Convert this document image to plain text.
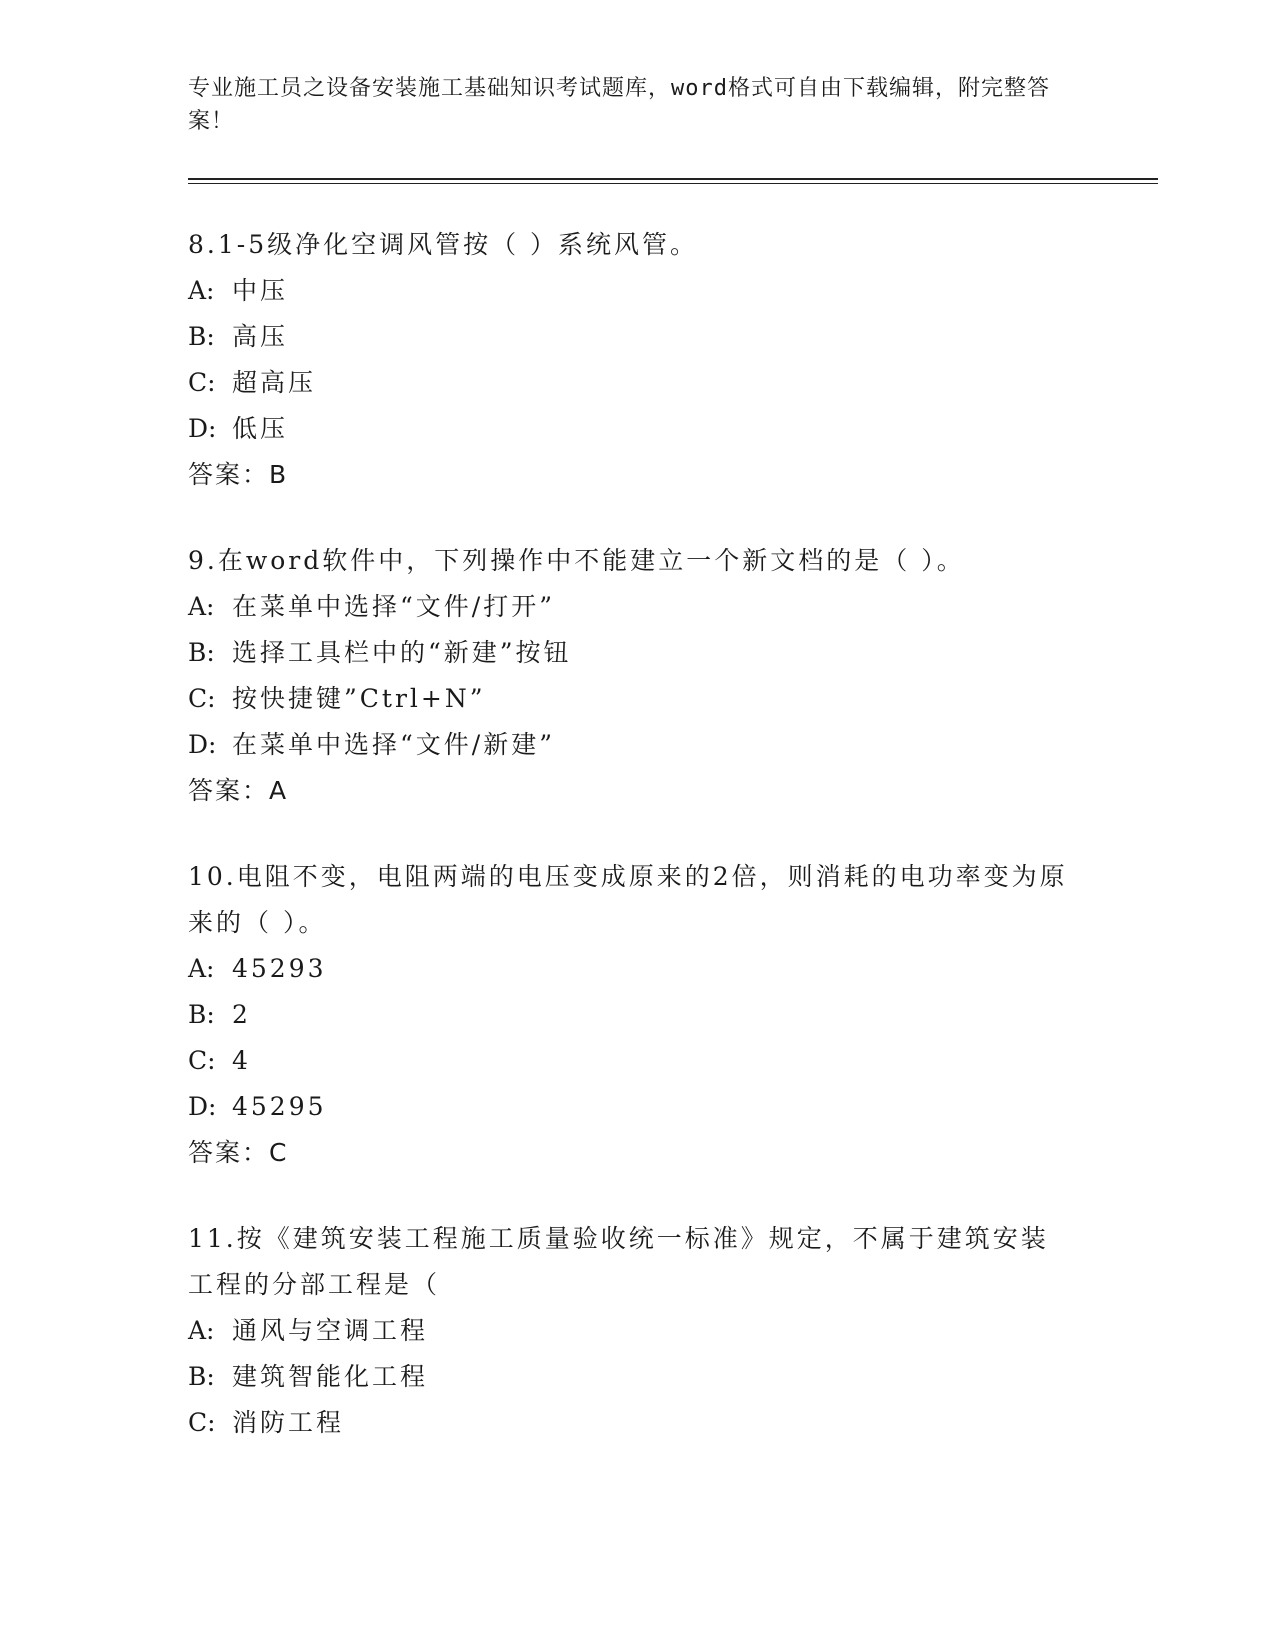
专业施工员之设备安装施工基础知识考试题库，word格式可自由下载编辑，附完整答案！

8.1-5级净化空调风管按（ ）系统风管。

A: 中压

B: 高压

C: 超高压

D: 低压

答案：B

9.在word软件中，下列操作中不能建立一个新文档的是（ ）。

A: 在菜单中选择“文件/打开”

B: 选择工具栏中的“新建”按钮

C: 按快捷键”Ctrl+N”

D: 在菜单中选择“文件/新建”

答案：A

10.电阻不变，电阻两端的电压变成原来的2倍，则消耗的电功率变为原来的（ ）。

A: 45293

B: 2

C: 4

D: 45295

答案：C

11.按《建筑安装工程施工质量验收统一标准》规定，不属于建筑安装工程的分部工程是（

A: 通风与空调工程

B: 建筑智能化工程

C: 消防工程
